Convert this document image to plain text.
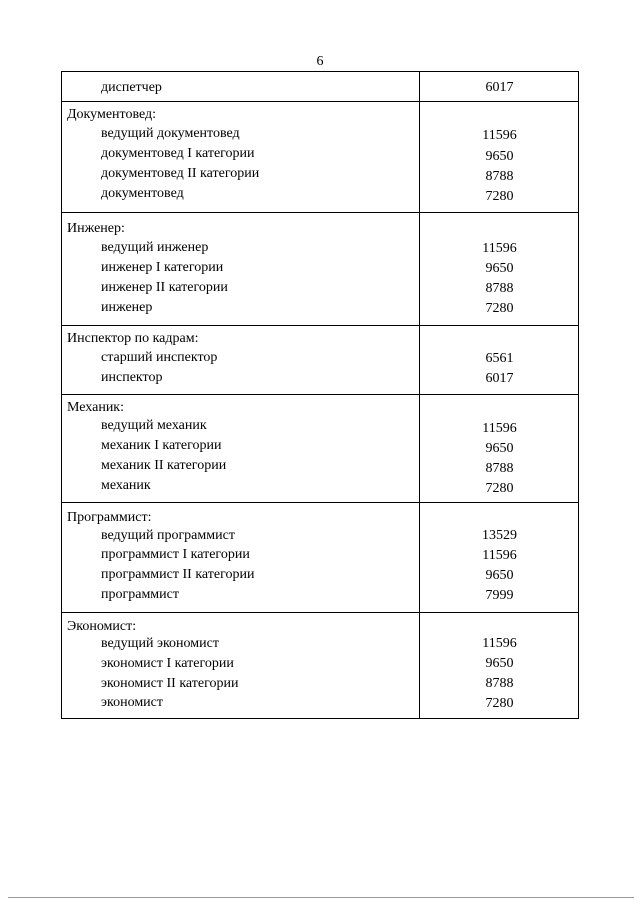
6
диспетчер	6017
Документовед:
ведущий документовед	11596
документовед I категории	9650
документовед II категории	8788
документовед	7280
Инженер:
ведущий инженер	11596
инженер I категории	9650
инженер II категории	8788
инженер	7280
Инспектор по кадрам:
старший инспектор	6561
инспектор	6017
Механик:
ведущий механик	11596
механик I категории	9650
механик II категории	8788
механик	7280
Программист:
ведущий программист	13529
программист I категории	11596
программист II категории	9650
программист	7999
Экономист:
ведущий экономист	11596
экономист I категории	9650
экономист II категории	8788
экономист	7280
